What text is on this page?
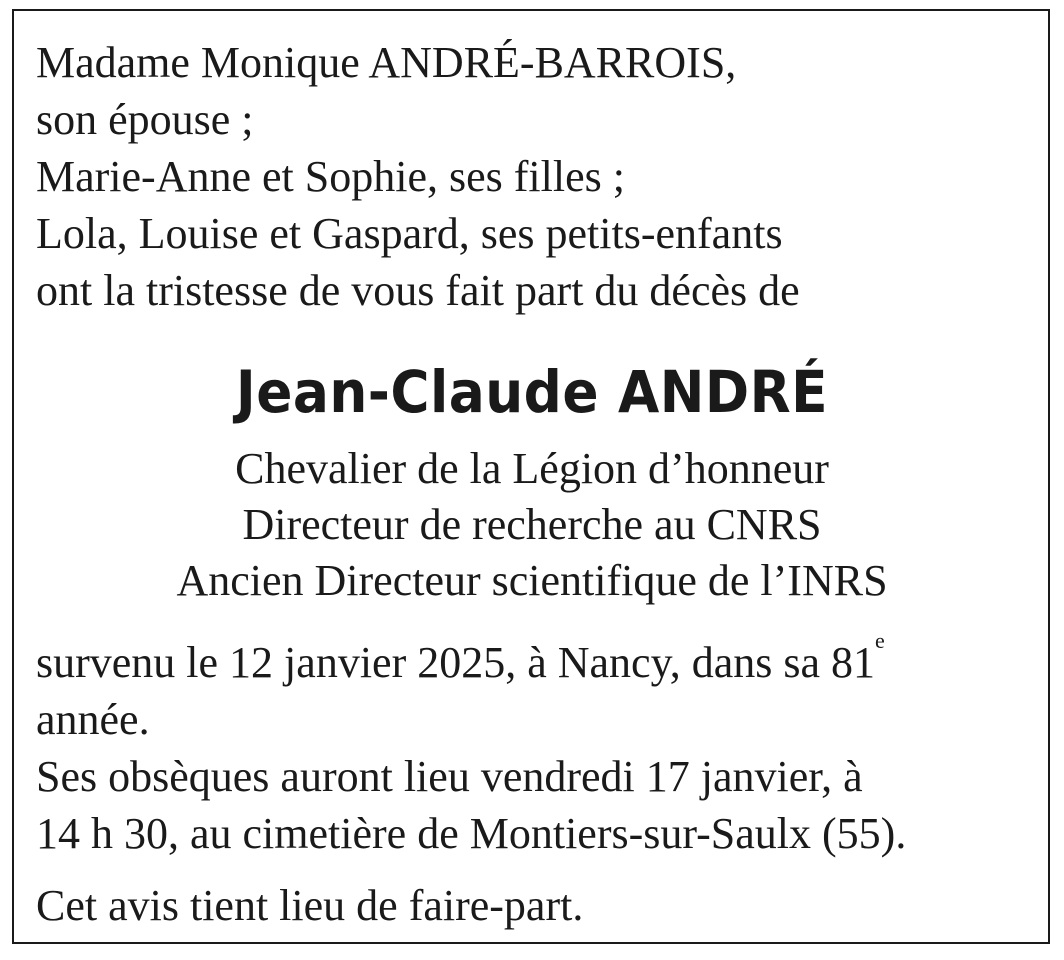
Madame Monique ANDRÉ-BARROIS,
son épouse ;
Marie-Anne et Sophie, ses filles ;
Lola, Louise et Gaspard, ses petits-enfants
ont la tristesse de vous fait part du décès de
Jean-Claude ANDRÉ
Chevalier de la Légion d’honneur
Directeur de recherche au CNRS
Ancien Directeur scientifique de l’INRS
survenu le 12 janvier 2025, à Nancy, dans sa 81e
année.
Ses obsèques auront lieu vendredi 17 janvier, à
14 h 30, au cimetière de Montiers-sur-Saulx (55).
Cet avis tient lieu de faire-part.
